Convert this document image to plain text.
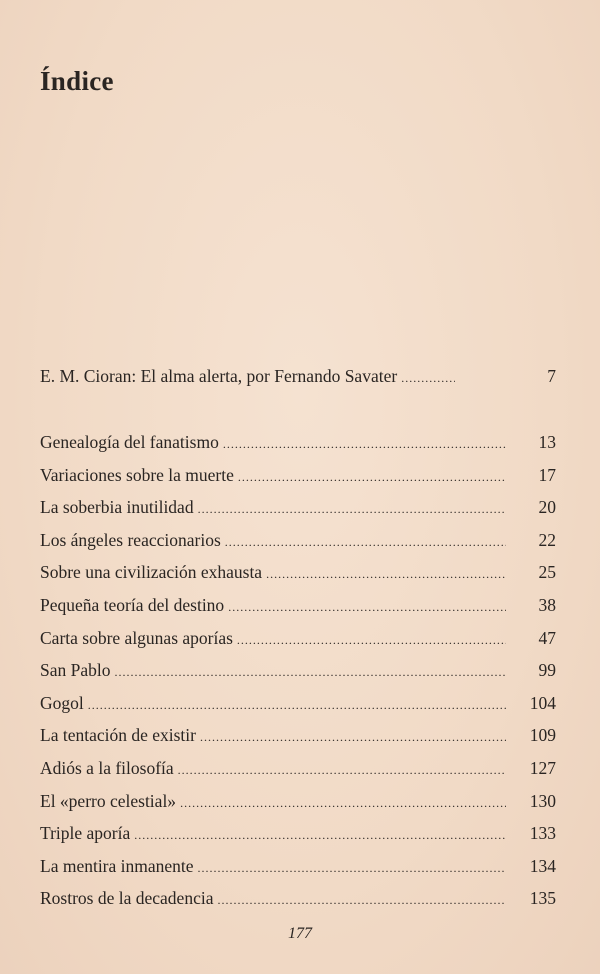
Índice
E. M. Cioran: El alma alerta, por Fernando Savater .....	7
Genealogía del fanatismo .....	13
Variaciones sobre la muerte .....	17
La soberbia inutilidad .....	20
Los ángeles reaccionarios .....	22
Sobre una civilización exhausta .....	25
Pequeña teoría del destino .....	38
Carta sobre algunas aporías .....	47
San Pablo .....	99
Gogol .....	104
La tentación de existir .....	109
Adiós a la filosofía .....	127
El «perro celestial» .....	130
Triple aporía .....	133
La mentira inmanente .....	134
Rostros de la decadencia .....	135

177
